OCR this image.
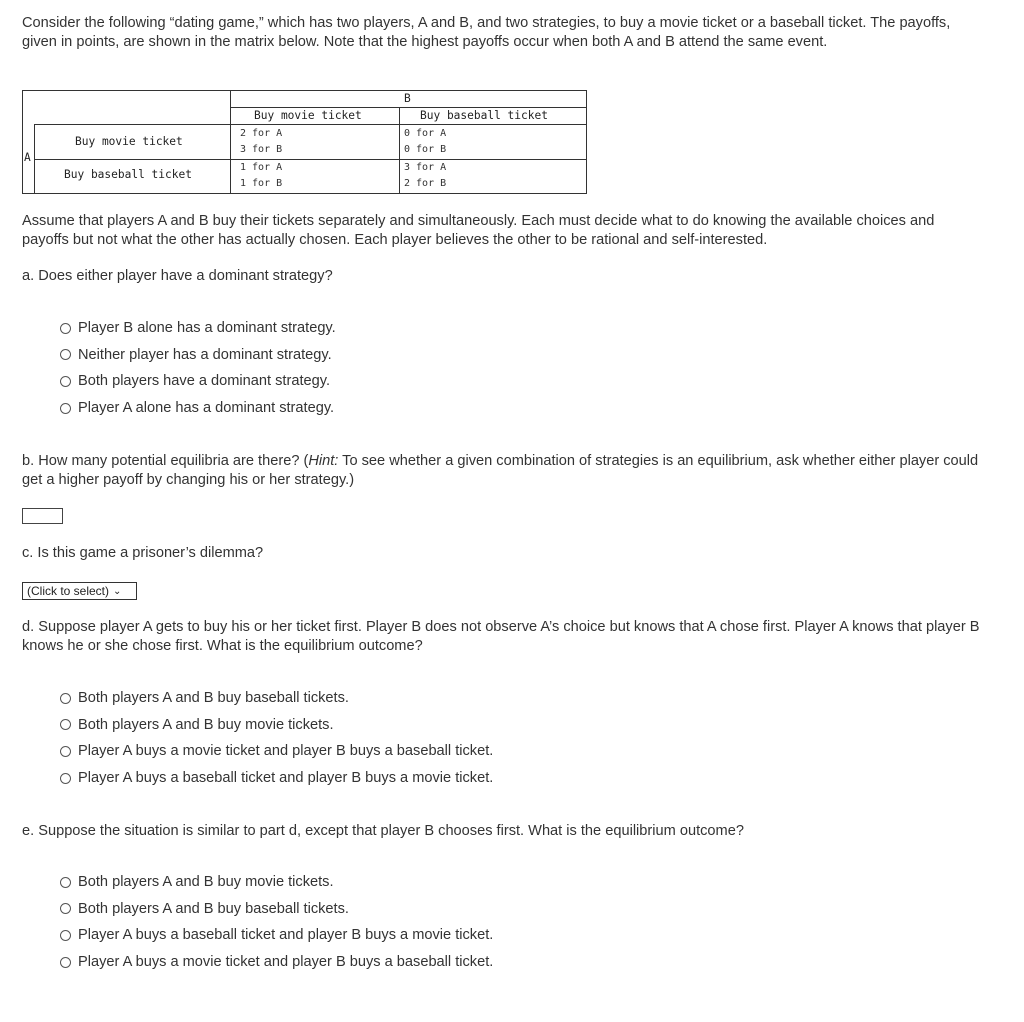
Consider the following “dating game,” which has two players, A and B, and two strategies, to buy a movie ticket or a baseball ticket. The payoffs, given in points, are shown in the matrix below. Note that the highest payoffs occur when both A and B attend the same event.

B
A
Buy movie ticket	Buy baseball ticket
Buy movie ticket
Buy baseball ticket
2 for A
3 for B
0 for A
0 for B
1 for A
1 for B
3 for A
2 for B

Assume that players A and B buy their tickets separately and simultaneously. Each must decide what to do knowing the available choices and payoffs but not what the other has actually chosen. Each player believes the other to be rational and self-interested.

a. Does either player have a dominant strategy?

Player B alone has a dominant strategy.
Neither player has a dominant strategy.
Both players have a dominant strategy.
Player A alone has a dominant strategy.

b. How many potential equilibria are there? (Hint: To see whether a given combination of strategies is an equilibrium, ask whether either player could get a higher payoff by changing his or her strategy.)

c. Is this game a prisoner’s dilemma?

(Click to select) ⌄

d. Suppose player A gets to buy his or her ticket first. Player B does not observe A’s choice but knows that A chose first. Player A knows that player B knows he or she chose first. What is the equilibrium outcome?

Both players A and B buy baseball tickets.
Both players A and B buy movie tickets.
Player A buys a movie ticket and player B buys a baseball ticket.
Player A buys a baseball ticket and player B buys a movie ticket.

e. Suppose the situation is similar to part d, except that player B chooses first. What is the equilibrium outcome?

Both players A and B buy movie tickets.
Both players A and B buy baseball tickets.
Player A buys a baseball ticket and player B buys a movie ticket.
Player A buys a movie ticket and player B buys a baseball ticket.
